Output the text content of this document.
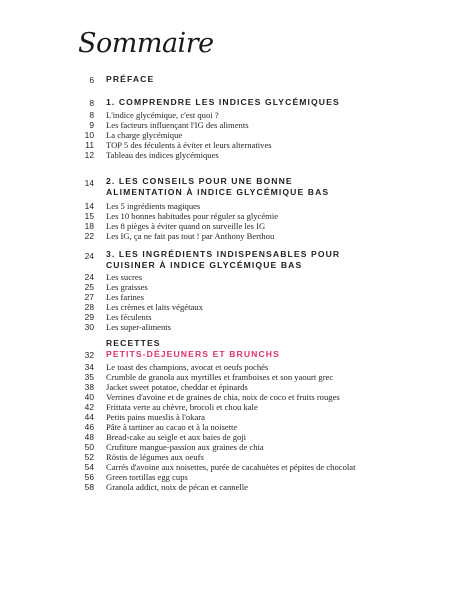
Sommaire
6 PRÉFACE
8 1. COMPRENDRE LES INDICES GLYCÉMIQUES
8 L'indice glycémique, c'est quoi ?
9 Les facteurs influençant l'IG des aliments
10 La charge glycémique
11 TOP 5 des féculents à éviter et leurs alternatives
12 Tableau des indices glycémiques
14 2. LES CONSEILS POUR UNE BONNE ALIMENTATION À INDICE GLYCÉMIQUE BAS
14 Les 5 ingrédients magiques
15 Les 10 bonnes habitudes pour réguler sa glycémie
18 Les 8 pièges à éviter quand on surveille les IG
22 Les IG, ça ne fait pas tout ! par Anthony Berthou
24 3. LES INGRÉDIENTS INDISPENSABLES POUR CUISINER À INDICE GLYCÉMIQUE BAS
24 Les sucres
25 Les graisses
27 Les farines
28 Les crèmes et laits végétaux
29 Les féculents
30 Les super-aliments
RECETTES
32 PETITS-DÉJEUNERS ET BRUNCHS
34 Le toast des champions, avocat et oeufs pochés
35 Crumble de granola aux myrtilles et framboises et son yaourt grec
38 Jacket sweet potatoe, cheddar et épinards
40 Verrines d'avoine et de graines de chia, noix de coco et fruits rouges
42 Frittata verte au chèvre, brocoli et chou kale
44 Petits pains mueslis à l'okara
46 Pâte à tartiner au cacao et à la noisette
48 Bread-cake au seigle et aux baies de goji
50 Crufiture mangue-passion aux graines de chia
52 Röstis de légumes aux oeufs
54 Carrés d'avoine aux noisettes, purée de cacahuètes et pépites de chocolat
56 Green tortillas egg cups
58 Granola addict, noix de pécan et cannelle
